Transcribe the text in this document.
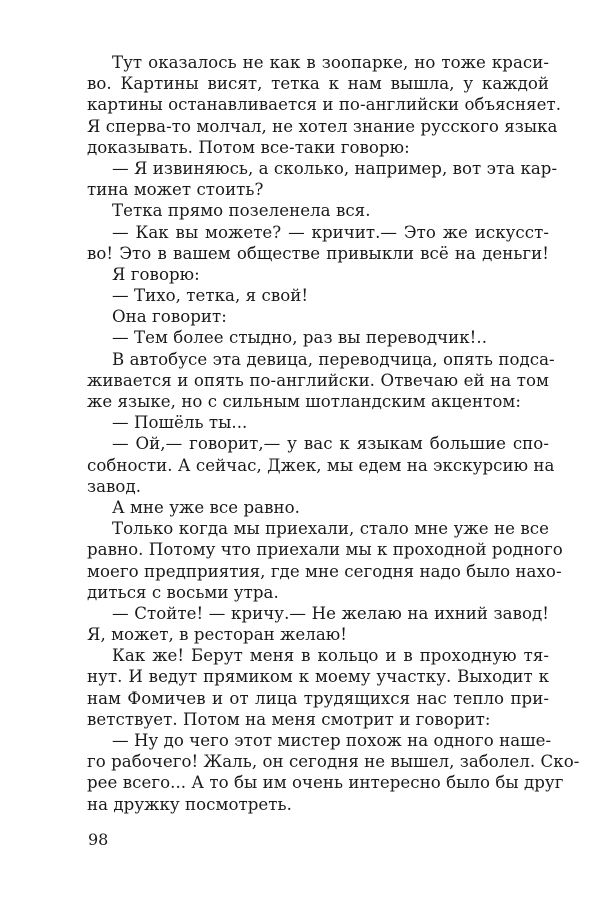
Тут оказалось не как в зоопарке, но тоже краси-
во. Картины висят, тетка к нам вышла, у каждой
картины останавливается и по-английски объясняет.
Я сперва-то молчал, не хотел знание русского языка
доказывать. Потом все-таки говорю:
— Я извиняюсь, а сколько, например, вот эта кар-
тина может стоить?
Тетка прямо позеленела вся.
— Как вы можете? — кричит.— Это же искусст-
во! Это в вашем обществе привыкли всё на деньги!
Я говорю:
— Тихо, тетка, я свой!
Она говорит:
— Тем более стыдно, раз вы переводчик!..
В автобусе эта девица, переводчица, опять подса-
живается и опять по-английски. Отвечаю ей на том
же языке, но с сильным шотландским акцентом:
— Пошёль ты...
— Ой,— говорит,— у вас к языкам большие спо-
собности. А сейчас, Джек, мы едем на экскурсию на
завод.
А мне уже все равно.
Только когда мы приехали, стало мне уже не все
равно. Потому что приехали мы к проходной родного
моего предприятия, где мне сегодня надо было нахо-
диться с восьми утра.
— Стойте! — кричу.— Не желаю на ихний завод!
Я, может, в ресторан желаю!
Как же! Берут меня в кольцо и в проходную тя-
нут. И ведут прямиком к моему участку. Выходит к
нам Фомичев и от лица трудящихся нас тепло при-
ветствует. Потом на меня смотрит и говорит:
— Ну до чего этот мистер похож на одного наше-
го рабочего! Жаль, он сегодня не вышел, заболел. Ско-
рее всего... А то бы им очень интересно было бы друг
на дружку посмотреть.
98
